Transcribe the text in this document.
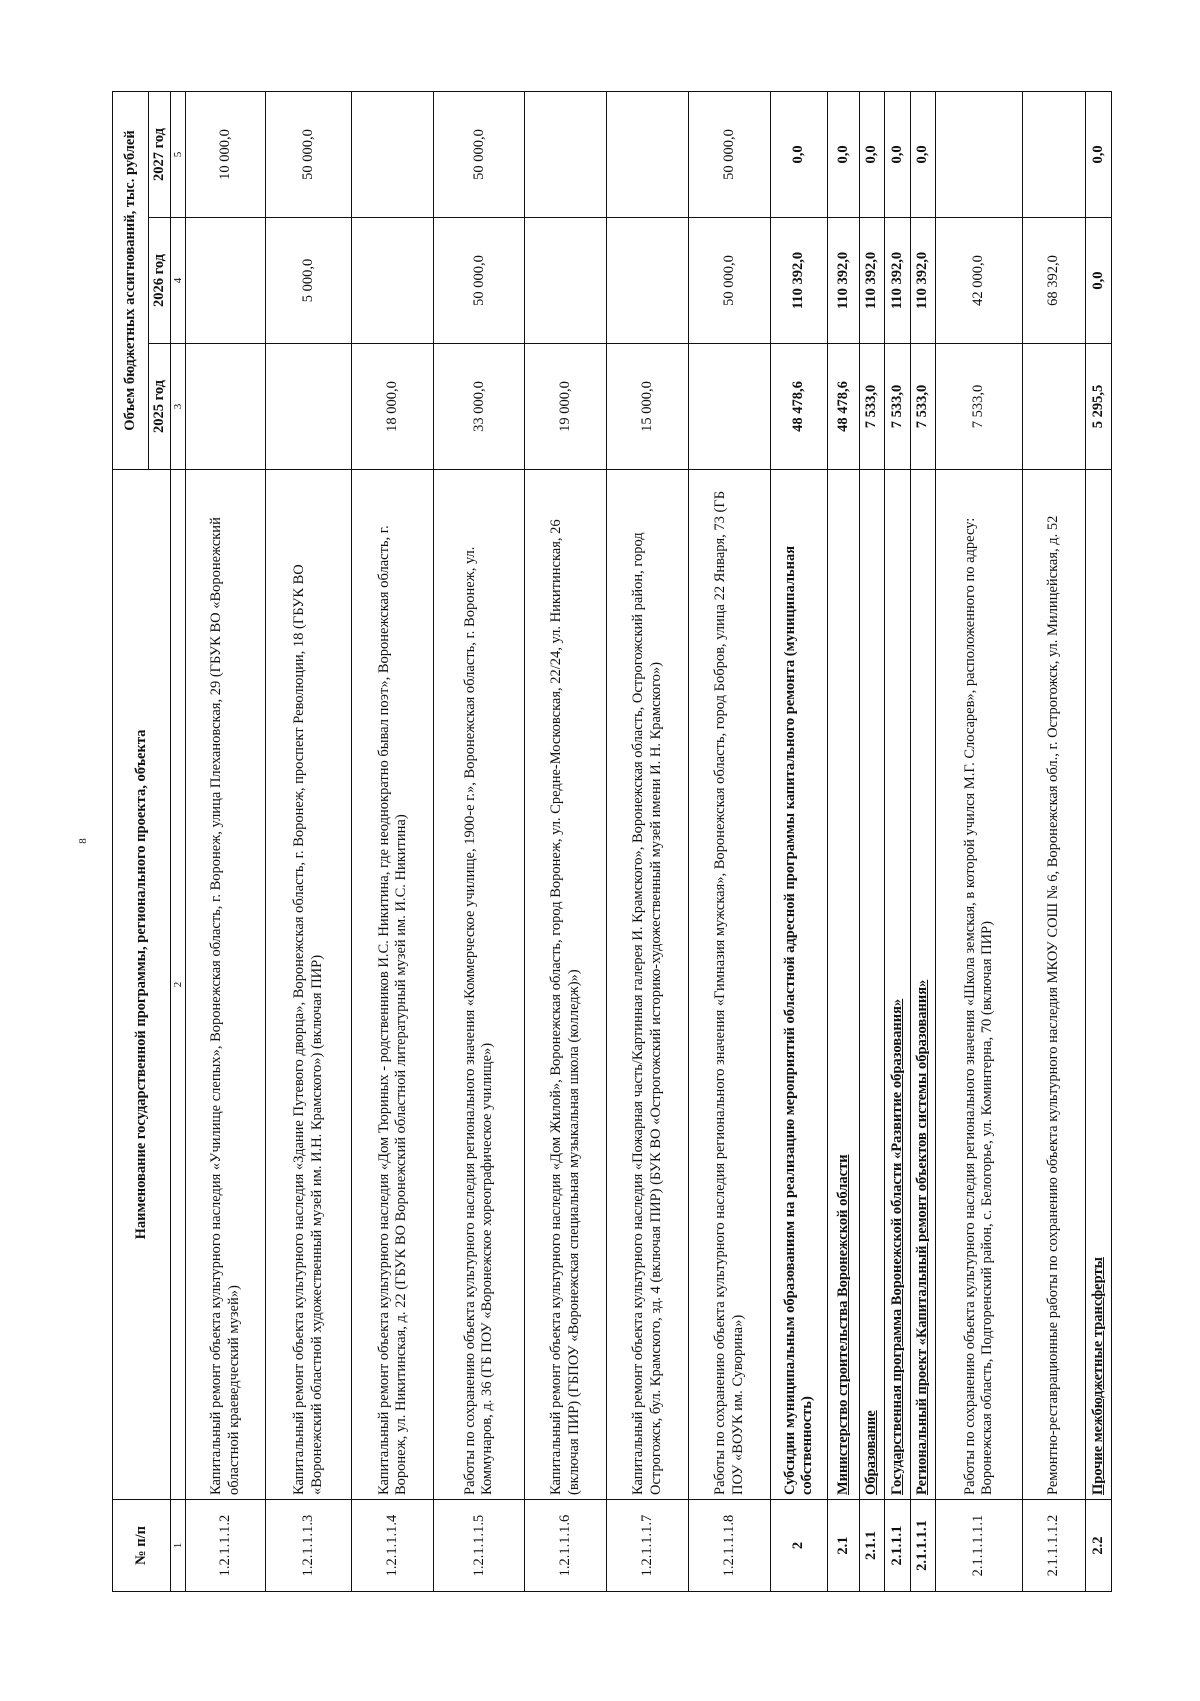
8
№ п/п	Наименование государственной программы, регионального проекта, объекта	Объем бюджетных ассигнований, тыс. рублей		
		2025 год	2026 год	2027 год
1	2	3	4	5
1.2.1.1.1.2	Капитальный ремонт объекта культурного наследия «Училище слепых», Воронежская область, г. Воронеж, улица Плехановская, 29 (ГБУК ВО «Воронежский областной краеведческий музей»)			10 000,0
1.2.1.1.1.3	Капитальный ремонт объекта культурного наследия «Здание Путевого дворца», Воронежская область, г. Воронеж, проспект Революции, 18 (ГБУК ВО «Воронежский областной художественный музей им. И.Н. Крамского») (включая ПИР)		5 000,0	50 000,0
1.2.1.1.1.4	Капитальный ремонт объекта культурного наследия «Дом Тюриных - родственников И.С. Никитина, где неоднократно бывал поэт», Воронежская область, г. Воронеж, ул. Никитинская, д. 22 (ГБУК ВО Воронежский областной литературный музей им. И.С. Никитина)	18 000,0		
1.2.1.1.1.5	Работы по сохранению объекта культурного наследия регионального значения «Коммерческое училище, 1900-е г.», Воронежская область, г. Воронеж, ул. Коммунаров, д. 36 (ГБ ПОУ «Воронежское хореографическое училище»)	33 000,0	50 000,0	50 000,0
1.2.1.1.1.6	Капитальный ремонт объекта культурного наследия «Дом Жилой», Воронежская область, город Воронеж, ул. Средне-Московская, 22/24, ул. Никитинская, 26 (включая ПИР) (ГБПОУ «Воронежская специальная музыкальная школа (колледж)»)	19 000,0		
1.2.1.1.1.7	Капитальный ремонт объекта культурного наследия «Пожарная часть/Картинная галерея И. Крамского», Воронежская область, Острогожский район, город Острогожск, бул. Крамского, зд. 4 (включая ПИР) (БУК ВО «Острогожский историко-художественный музей имени И. Н. Крамского»)	15 000,0		
1.2.1.1.1.8	Работы по сохранению объекта культурного наследия регионального значения «Гимназия мужская», Воронежская область, город Бобров, улица 22 Января, 73 (ГБ ПОУ «ВОУК им. Суворина»)		50 000,0	50 000,0
2	Субсидии муниципальным образованиям на реализацию мероприятий областной адресной программы капитального ремонта (муниципальная собственность)	48 478,6	110 392,0	0,0
2.1	Министерство строительства Воронежской области	48 478,6	110 392,0	0,0
2.1.1	Образование	7 533,0	110 392,0	0,0
2.1.1.1	Государственная программа Воронежской области «Развитие образования»	7 533,0	110 392,0	0,0
2.1.1.1.1	Региональный проект «Капитальный ремонт объектов системы образования»	7 533,0	110 392,0	0,0
2.1.1.1.1.1	Работы по сохранению объекта культурного наследия регионального значения «Школа земская, в которой учился М.Г. Слосарев», расположенного по адресу: Воронежская область, Подгоренский район, с. Белогорье, ул. Коминтерна, 70 (включая ПИР)	7 533,0	42 000,0	
2.1.1.1.1.2	Ремонтно-реставрационные работы по сохранению объекта культурного наследия МКОУ СОШ № 6, Воронежская обл., г. Острогожск, ул. Милицейская, д. 52		68 392,0	
2.2	Прочие межбюджетные трансферты	5 295,5	0,0	0,0
